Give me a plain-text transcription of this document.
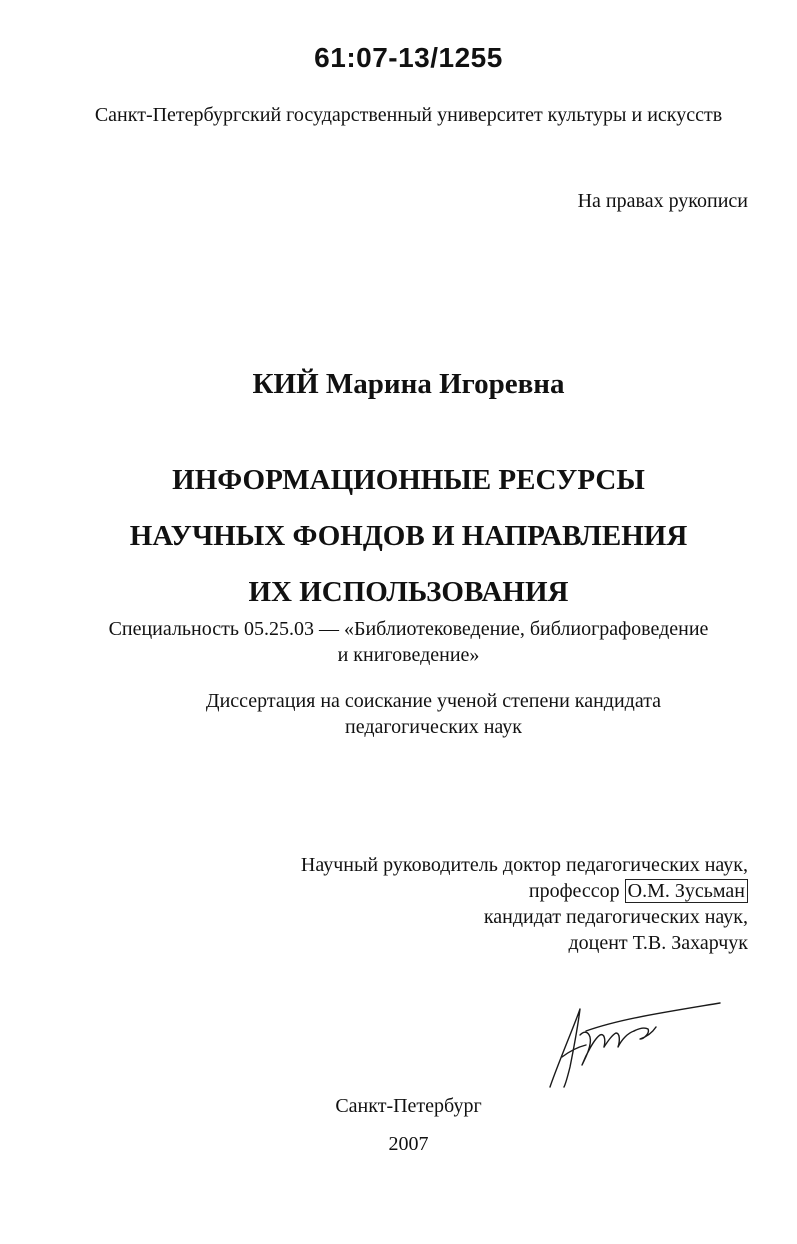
61:07-13/1255
Санкт-Петербургский государственный университет культуры и искусств
На правах рукописи
КИЙ Марина Игоревна
ИНФОРМАЦИОННЫЕ РЕСУРСЫ
НАУЧНЫХ ФОНДОВ И НАПРАВЛЕНИЯ
ИХ ИСПОЛЬЗОВАНИЯ
Специальность 05.25.03 — «Библиотековедение, библиографоведение
и книговедение»
Диссертация на соискание ученой степени кандидата
педагогических наук
Научный руководитель доктор педагогических наук,
профессор О.М. Зусьман
кандидат педагогических наук,
доцент Т.В. Захарчук
Санкт-Петербург
2007
